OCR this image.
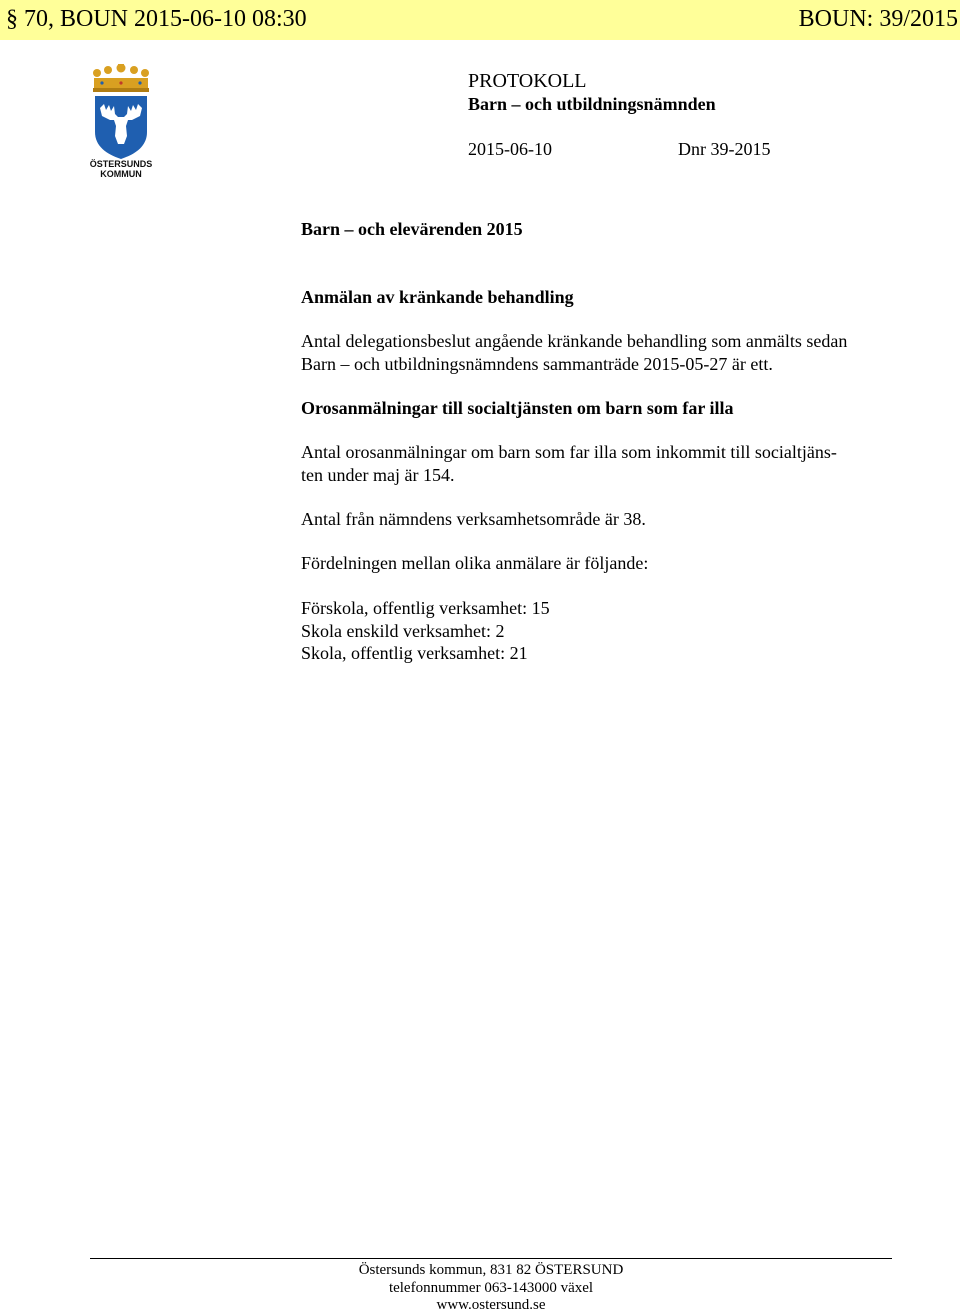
§ 70, BOUN 2015-06-10 08:30	BOUN: 39/2015
ÖSTERSUNDS
KOMMUN
PROTOKOLL
Barn – och utbildningsnämnden
2015-06-10	Dnr 39-2015
Barn – och elevärenden 2015
Anmälan av kränkande behandling
Antal delegationsbeslut angående kränkande behandling som anmälts sedan
Barn – och utbildningsnämndens sammanträde 2015-05-27 är ett.
Orosanmälningar till socialtjänsten om barn som far illa
Antal orosanmälningar om barn som far illa som inkommit till socialtjäns-
ten under maj är 154.
Antal från nämndens verksamhetsområde är 38.
Fördelningen mellan olika anmälare är följande:
Förskola, offentlig verksamhet: 15
Skola enskild verksamhet: 2
Skola, offentlig verksamhet: 21
Östersunds kommun, 831 82 ÖSTERSUND
telefonnummer 063-143000 växel
www.ostersund.se
